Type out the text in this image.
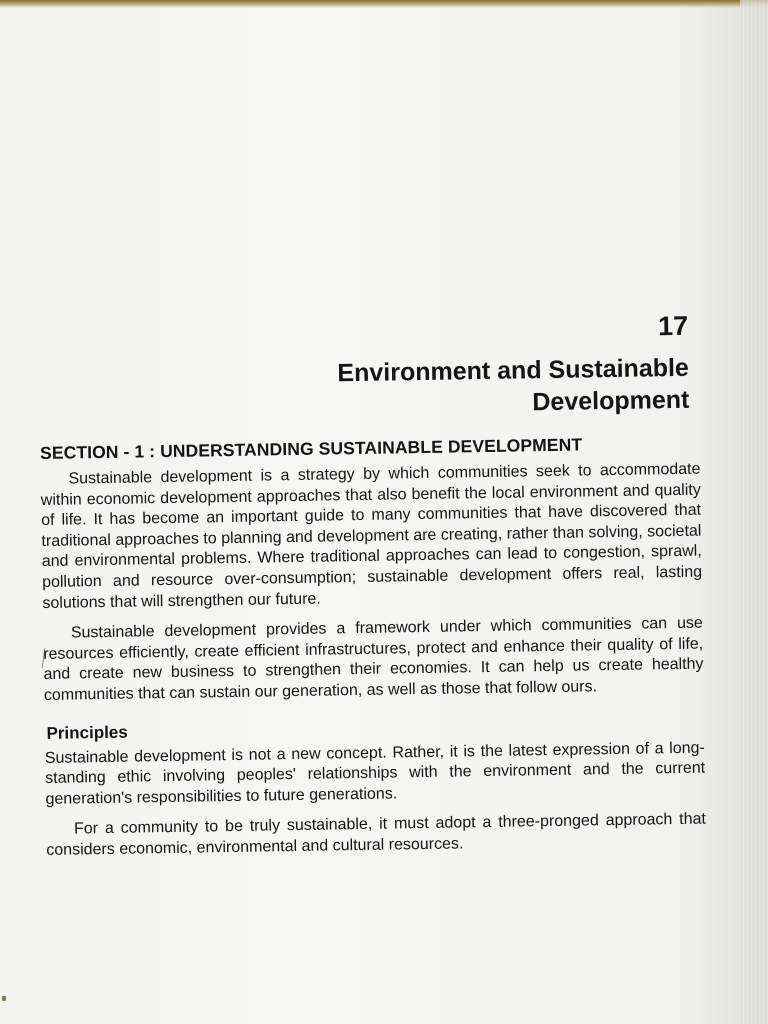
17
Environment and Sustainable
Development
SECTION - 1 : UNDERSTANDING SUSTAINABLE DEVELOPMENT

Sustainable development is a strategy by which communities seek to accommodate within economic development approaches that also benefit the local environment and quality of life. It has become an important guide to many communities that have discovered that traditional approaches to planning and development are creating, rather than solving, societal and environmental problems. Where traditional approaches can lead to congestion, sprawl, pollution and resource over-consumption; sustainable development offers real, lasting solutions that will strengthen our future.

Sustainable development provides a framework under which communities can use resources efficiently, create efficient infrastructures, protect and enhance their quality of life, and create new business to strengthen their economies. It can help us create healthy communities that can sustain our generation, as well as those that follow ours.

Principles

Sustainable development is not a new concept. Rather, it is the latest expression of a long-standing ethic involving peoples' relationships with the environment and the current generation's responsibilities to future generations.

For a community to be truly sustainable, it must adopt a three-pronged approach that considers economic, environmental and cultural resources.
